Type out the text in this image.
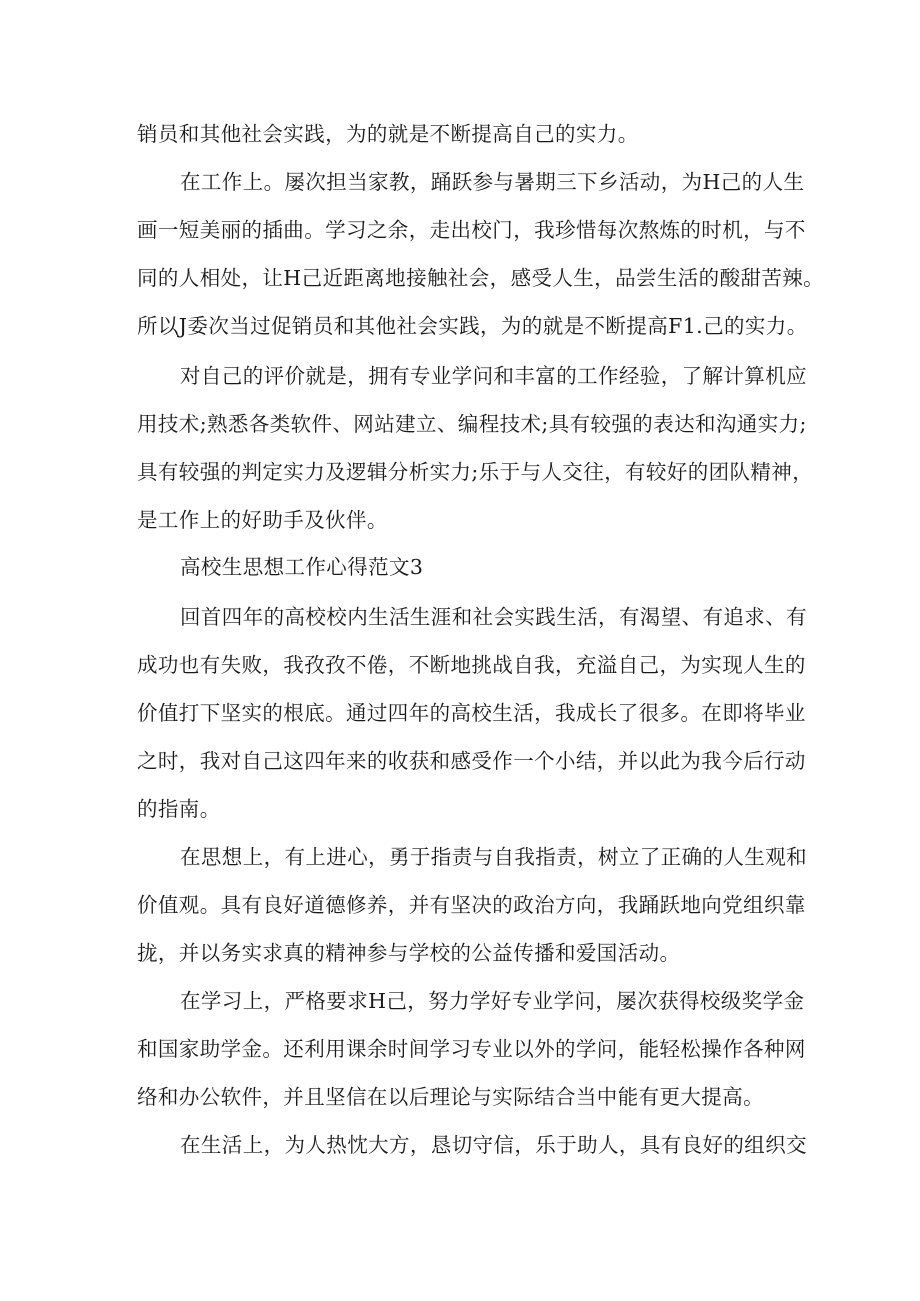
销员和其他社会实践，为的就是不断提高自己的实力。

在工作上。屡次担当家教，踊跃参与暑期三下乡活动，为H己的人生
画一短美丽的插曲。学习之余，走出校门，我珍惜每次熬炼的时机，与不
同的人相处，让H己近距离地接触社会，感受人生，品尝生活的酸甜苦辣。
所以J委次当过促销员和其他社会实践，为的就是不断提高F1.己的实力。

对自己的评价就是，拥有专业学问和丰富的工作经验，了解计算机应
用技术;熟悉各类软件、网站建立、编程技术;具有较强的表达和沟通实力;
具有较强的判定实力及逻辑分析实力;乐于与人交往，有较好的团队精神，
是工作上的好助手及伙伴。

高校生思想工作心得范文3

回首四年的高校校内生活生涯和社会实践生活，有渴望、有追求、有
成功也有失败，我孜孜不倦，不断地挑战自我，充溢自己，为实现人生的
价值打下坚实的根底。通过四年的高校生活，我成长了很多。在即将毕业
之时，我对自己这四年来的收获和感受作一个小结，并以此为我今后行动
的指南。

在思想上，有上进心，勇于指责与自我指责，树立了正确的人生观和
价值观。具有良好道德修养，并有坚决的政治方向，我踊跃地向党组织靠
拢，并以务实求真的精神参与学校的公益传播和爱国活动。

在学习上，严格要求H己，努力学好专业学问，屡次获得校级奖学金
和国家助学金。还利用课余时间学习专业以外的学问，能轻松操作各种网
络和办公软件，并且坚信在以后理论与实际结合当中能有更大提高。

在生活上，为人热忱大方，恳切守信，乐于助人，具有良好的组织交
